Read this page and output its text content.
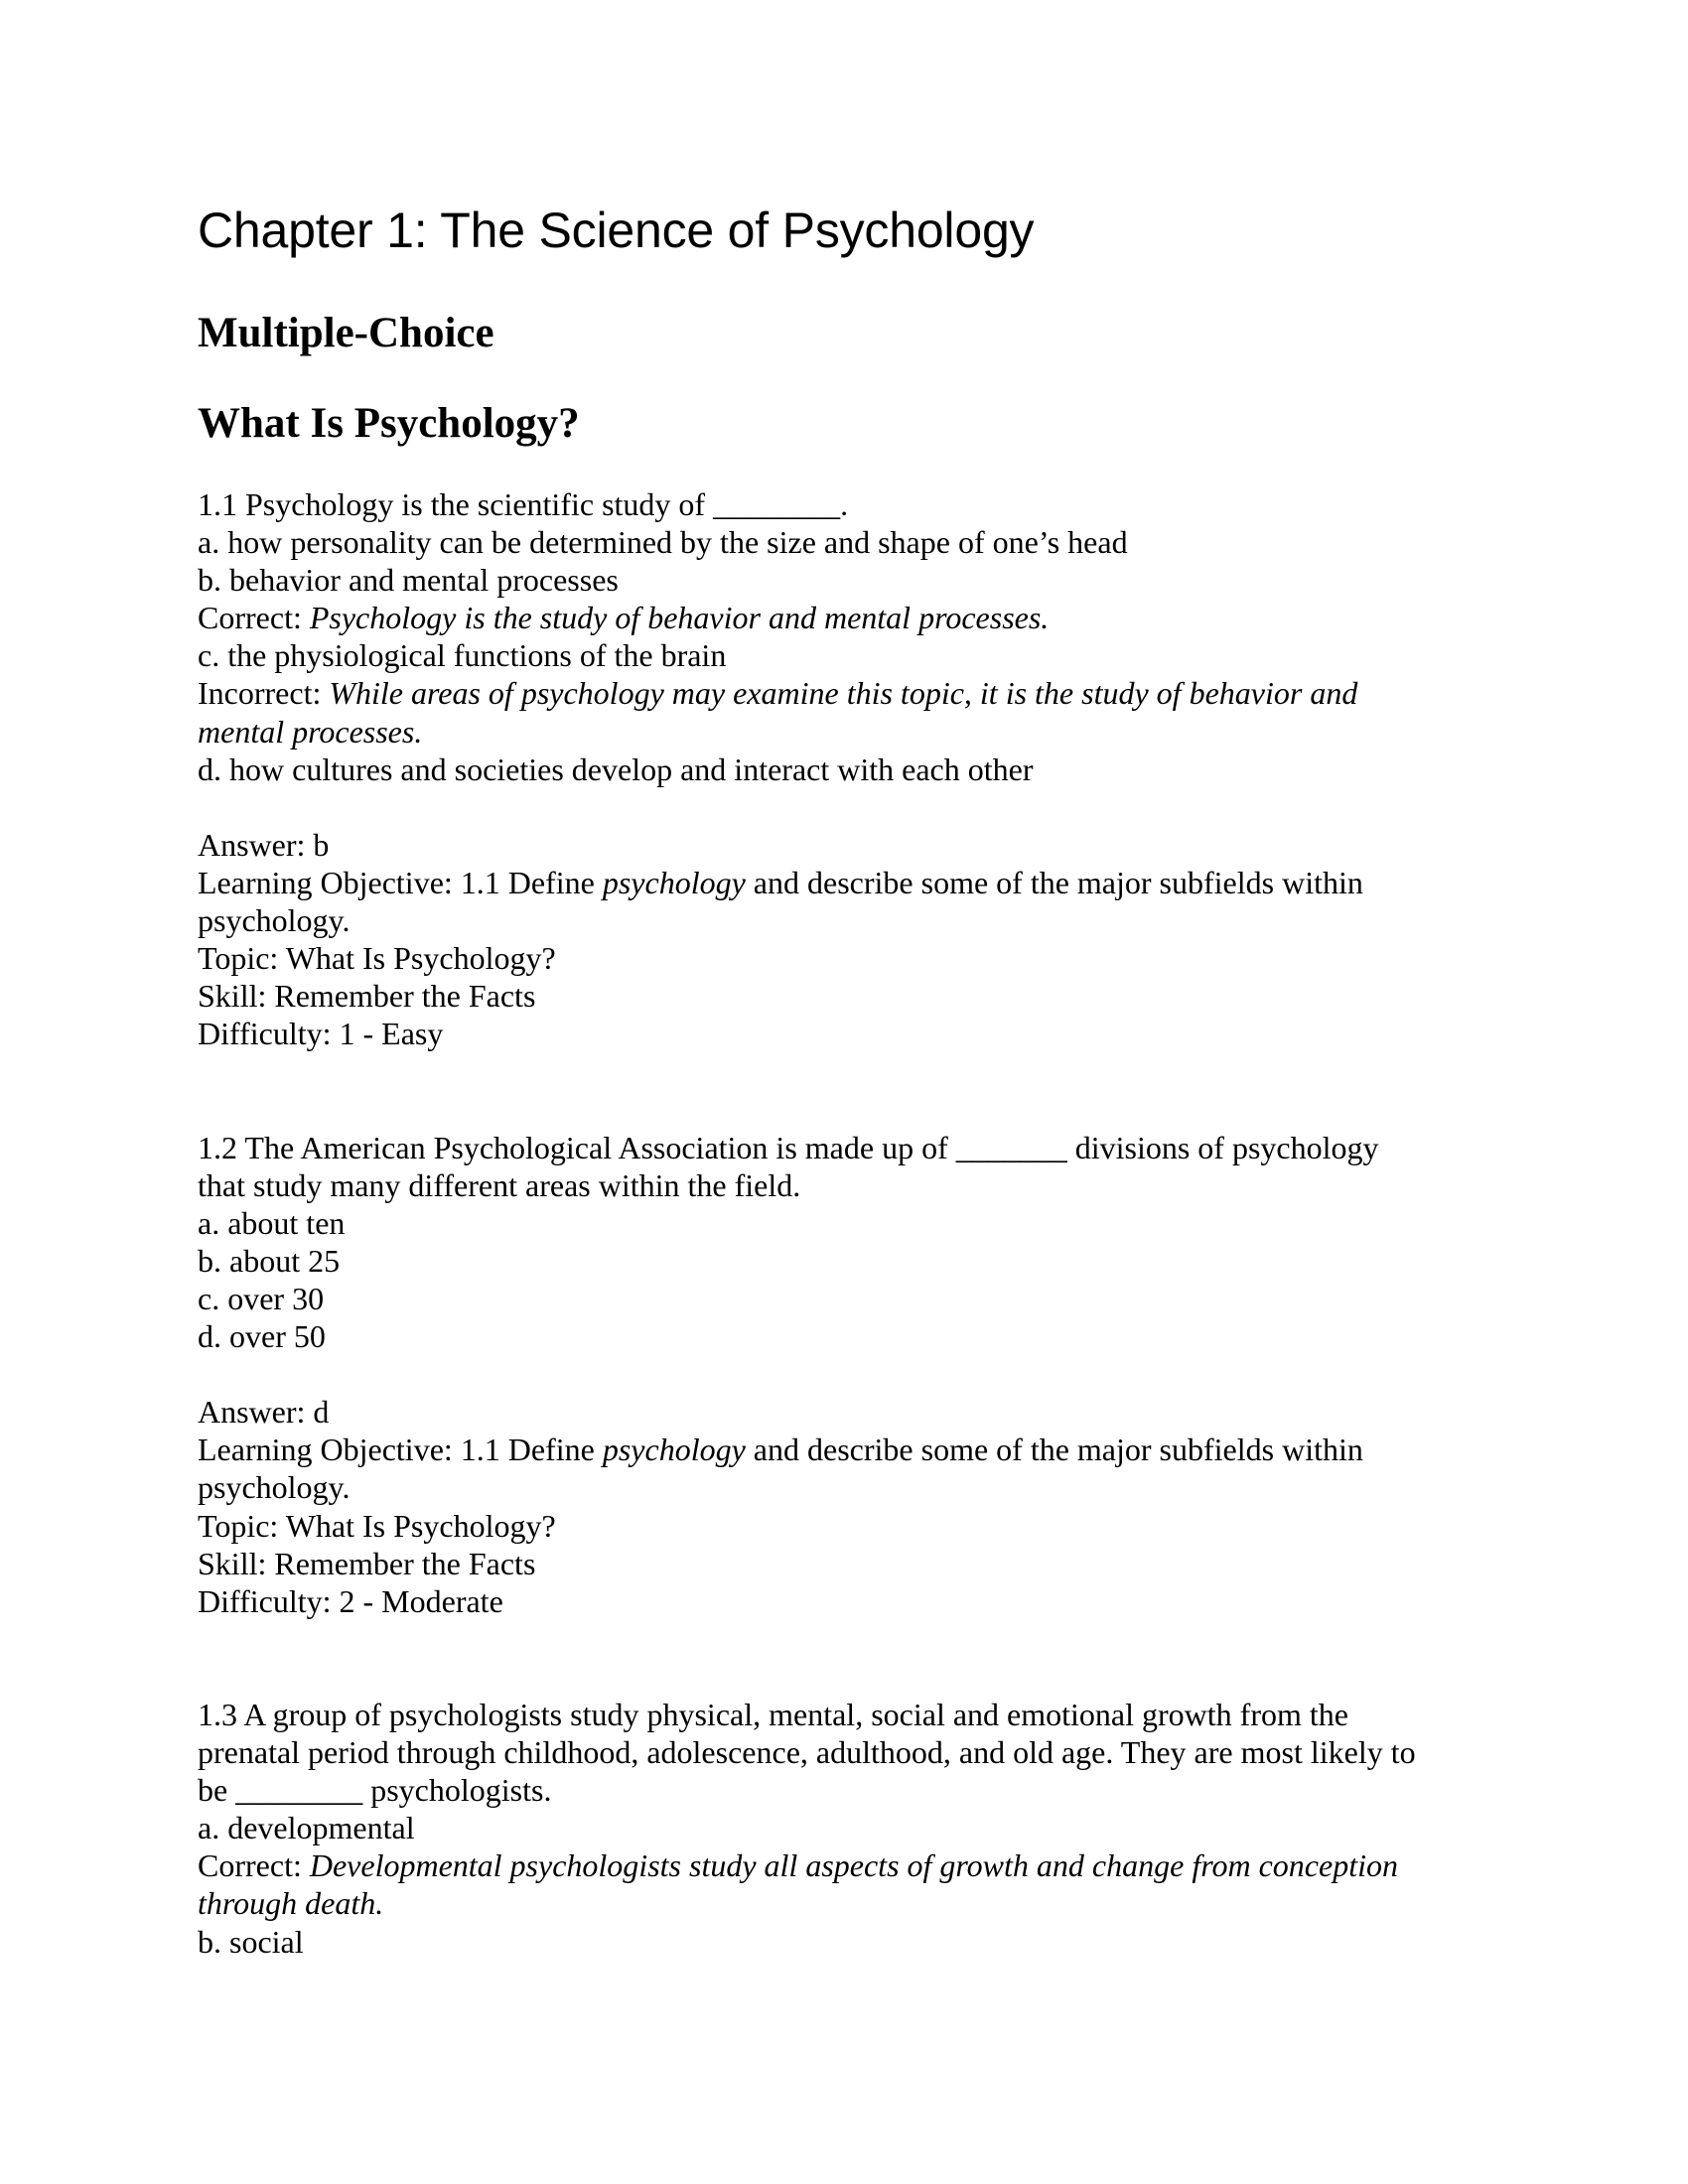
Chapter 1: The Science of Psychology
Multiple-Choice
What Is Psychology?
1.1 Psychology is the scientific study of ________.
a. how personality can be determined by the size and shape of one’s head
b. behavior and mental processes
Correct: Psychology is the study of behavior and mental processes.
c. the physiological functions of the brain
Incorrect: While areas of psychology may examine this topic, it is the study of behavior and
mental processes.
d. how cultures and societies develop and interact with each other
Answer: b
Learning Objective: 1.1 Define psychology and describe some of the major subfields within
psychology.
Topic: What Is Psychology?
Skill: Remember the Facts
Difficulty: 1 - Easy
1.2 The American Psychological Association is made up of _______ divisions of psychology
that study many different areas within the field.
a. about ten
b. about 25
c. over 30
d. over 50
Answer: d
Learning Objective: 1.1 Define psychology and describe some of the major subfields within
psychology.
Topic: What Is Psychology?
Skill: Remember the Facts
Difficulty: 2 - Moderate
1.3 A group of psychologists study physical, mental, social and emotional growth from the
prenatal period through childhood, adolescence, adulthood, and old age. They are most likely to
be ________ psychologists.
a. developmental
Correct: Developmental psychologists study all aspects of growth and change from conception
through death.
b. social
